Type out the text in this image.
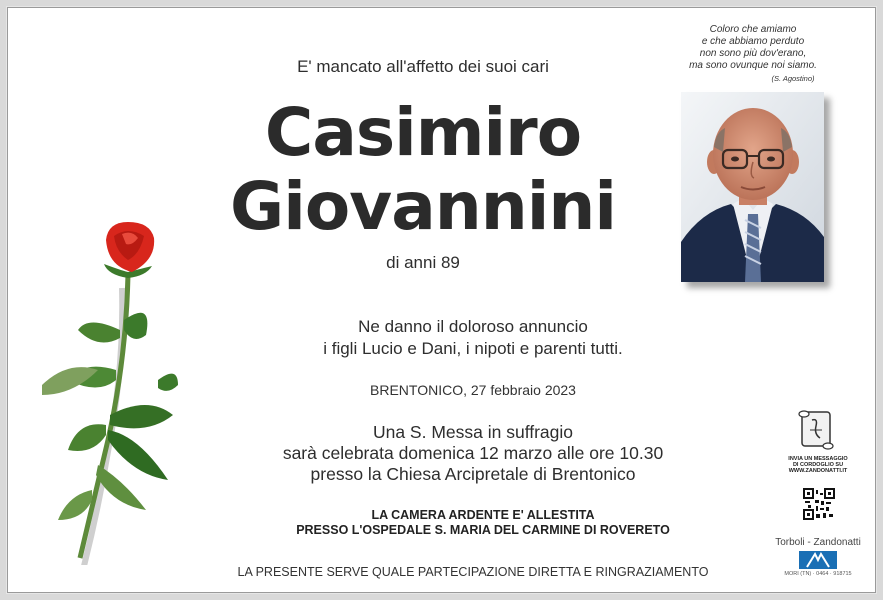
Coloro che amiamo
e che abbiamo perduto
non sono più dov'erano,
ma sono ovunque noi siamo.
(S. Agostino)
E' mancato all'affetto dei suoi cari
Casimiro
Giovannini
di anni 89
Ne danno il doloroso annuncio
i figli Lucio e Dani, i nipoti e parenti tutti.
BRENTONICO, 27 febbraio 2023
Una S. Messa in suffragio
sarà celebrata domenica 12 marzo alle ore 10.30
presso la Chiesa Arcipretale di Brentonico
LA CAMERA ARDENTE E' ALLESTITA
PRESSO L'OSPEDALE S. MARIA DEL CARMINE DI ROVERETO
LA PRESENTE SERVE QUALE PARTECIPAZIONE DIRETTA E RINGRAZIAMENTO
INVIA UN MESSAGGIO
DI CORDOGLIO SU
WWW.ZANDONATTI.IT
Torboli - Zandonatti
MORI (TN) · 0464 · 918715
